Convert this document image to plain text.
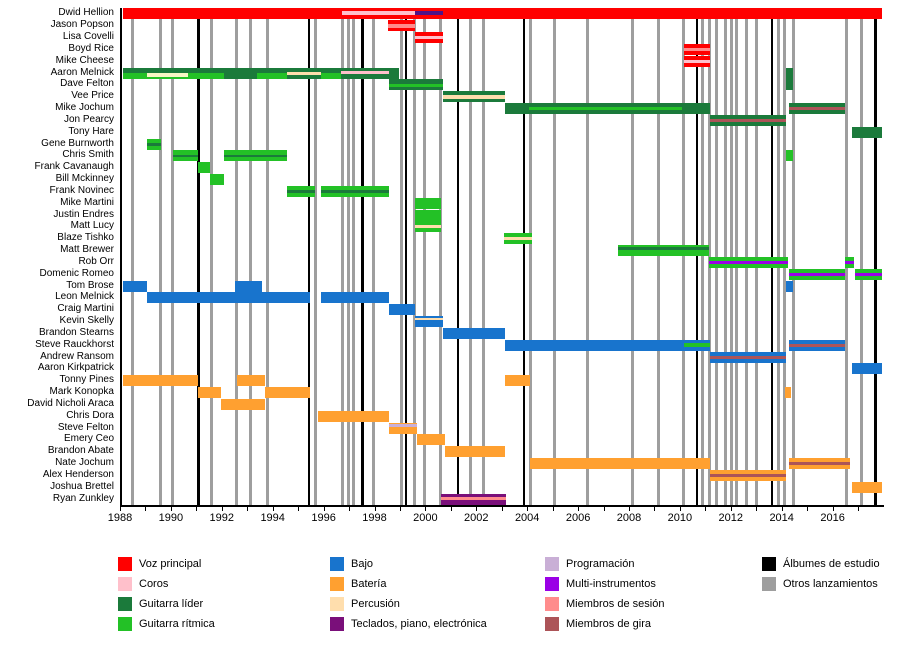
Dwid Hellion
Jason Popson
Lisa Covelli
Boyd Rice
Mike Cheese
Aaron Melnick
Dave Felton
Vee Price
Mike Jochum
Jon Pearcy
Tony Hare
Gene Burnworth
Chris Smith
Frank Cavanaugh
Bill Mckinney
Frank Novinec
Mike Martini
Justin Endres
Matt Lucy
Blaze Tishko
Matt Brewer
Rob Orr
Domenic Romeo
Tom Brose
Leon Melnick
Craig Martini
Kevin Skelly
Brandon Stearns
Steve Rauckhorst
Andrew Ransom
Aaron Kirkpatrick
Tonny Pines
Mark Konopka
David Nicholi Araca
Chris Dora
Steve Felton
Emery Ceo
Brandon Abate
Nate Jochum
Alex Henderson
Joshua Brettel
Ryan Zunkley
1988	1990	1992	1994	1996	1998	2000	2002	2004	2006	2008	2010	2012	2014	2016
Voz principal
Coros
Guitarra líder
Guitarra rítmica
Bajo
Batería
Percusión
Teclados, piano, electrónica
Programación
Multi-instrumentos
Miembros de sesión
Miembros de gira
Álbumes de estudio
Otros lanzamientos
